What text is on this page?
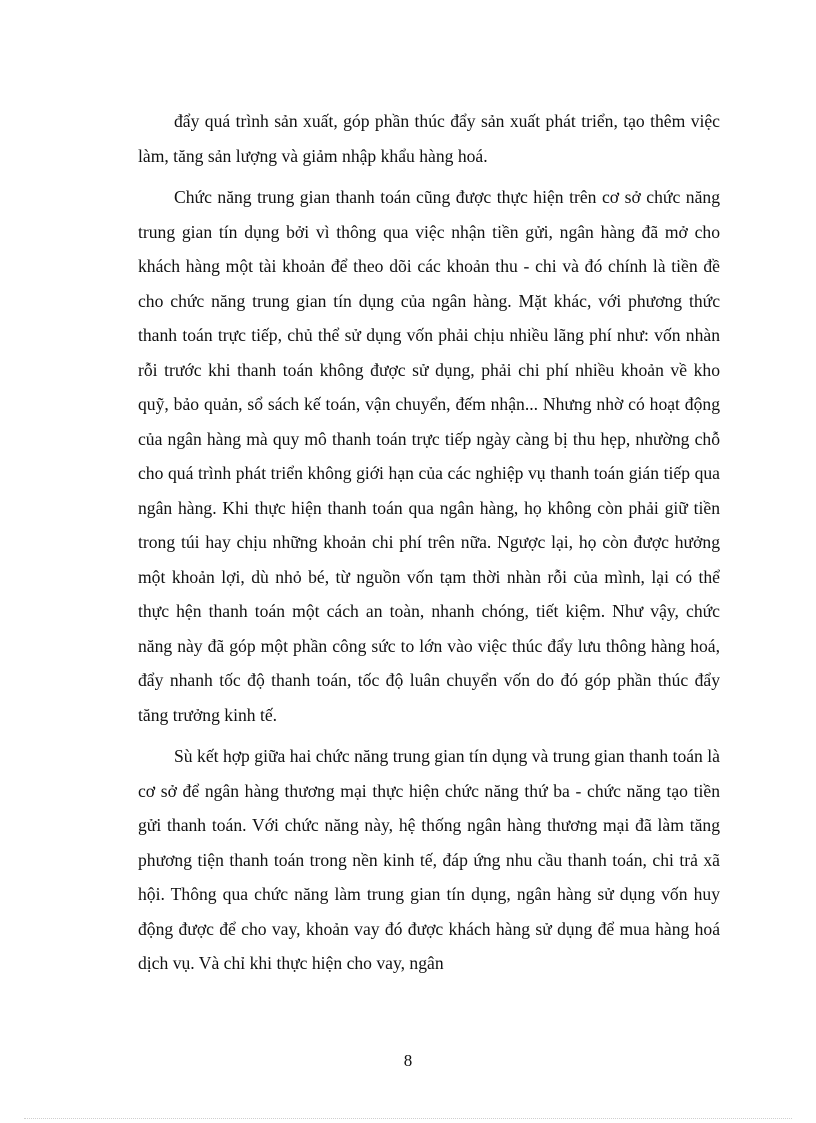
đẩy quá trình sản xuất, góp phần thúc đẩy sản xuất phát triển, tạo thêm việc làm, tăng sản lượng và giảm nhập khẩu hàng hoá.

Chức năng trung gian thanh toán cũng được thực hiện trên cơ sở chức năng trung gian tín dụng bởi vì thông qua việc nhận tiền gửi, ngân hàng đã mở cho khách hàng một tài khoản để theo dõi các khoản thu - chi và đó chính là tiền đề cho chức năng trung gian tín dụng của ngân hàng. Mặt khác, với phương thức thanh toán trực tiếp, chủ thể sử dụng vốn phải chịu nhiều lãng phí như: vốn nhàn rỗi trước khi thanh toán không được sử dụng, phải chi phí nhiều khoản về kho quỹ, bảo quản, sổ sách kế toán, vận chuyển, đếm nhận... Nhưng nhờ có hoạt động của ngân hàng mà quy mô thanh toán trực tiếp ngày càng bị thu hẹp, nhường chỗ cho quá trình phát triển không giới hạn của các nghiệp vụ thanh toán gián tiếp qua ngân hàng. Khi thực hiện thanh toán qua ngân hàng, họ không còn phải giữ tiền trong túi hay chịu những khoản chi phí trên nữa. Ngược lại, họ còn được hưởng một khoản lợi, dù nhỏ bé, từ nguồn vốn tạm thời nhàn rỗi của mình, lại có thể thực hện thanh toán một cách an toàn, nhanh chóng, tiết kiệm. Như vậy, chức năng này đã góp một phần công sức to lớn vào việc thúc đẩy lưu thông hàng hoá, đẩy nhanh tốc độ thanh toán, tốc độ luân chuyển vốn do đó góp phần thúc đẩy tăng trưởng kinh tế.

Sù kết hợp giữa hai chức năng trung gian tín dụng và trung gian thanh toán là cơ sở để ngân hàng thương mại thực hiện chức năng thứ ba - chức năng tạo tiền gửi thanh toán. Với chức năng này, hệ thống ngân hàng thương mại đã làm tăng phương tiện thanh toán trong nền kinh tế, đáp ứng nhu cầu thanh toán, chi trả xã hội. Thông qua chức năng làm trung gian tín dụng, ngân hàng sử dụng vốn huy động được để cho vay, khoản vay đó được khách hàng sử dụng để mua hàng hoá dịch vụ. Và chỉ khi thực hiện cho vay, ngân

8
